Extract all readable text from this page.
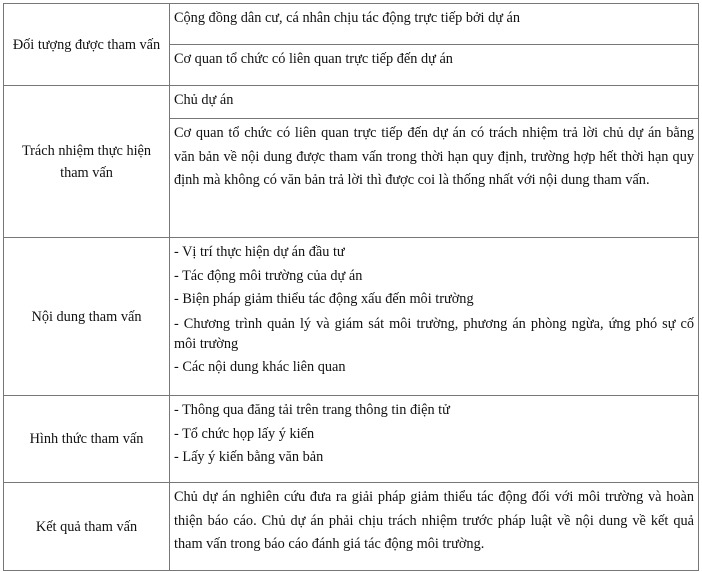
Đối tượng được tham vấn	Cộng đồng dân cư, cá nhân chịu tác động trực tiếp bởi dự án
Cơ quan tổ chức có liên quan trực tiếp đến dự án

Trách nhiệm thực hiện tham vấn	Chủ dự án
Cơ quan tổ chức có liên quan trực tiếp đến dự án có trách nhiệm trả lời chủ dự án bằng văn bản về nội dung được tham vấn trong thời hạn quy định, trường hợp hết thời hạn quy định mà không có văn bản trả lời thì được coi là thống nhất với nội dung tham vấn.

Nội dung tham vấn	- Vị trí thực hiện dự án đầu tư
- Tác động môi trường của dự án
- Biện pháp giảm thiểu tác động xấu đến môi trường
- Chương trình quản lý và giám sát môi trường, phương án phòng ngừa, ứng phó sự cố môi trường
- Các nội dung khác liên quan

Hình thức tham vấn	- Thông qua đăng tải trên trang thông tin điện tử
- Tổ chức họp lấy ý kiến
- Lấy ý kiến bằng văn bản

Kết quả tham vấn	Chủ dự án nghiên cứu đưa ra giải pháp giảm thiểu tác động đối với môi trường và hoàn thiện báo cáo. Chủ dự án phải chịu trách nhiệm trước pháp luật về nội dung về kết quả tham vấn trong báo cáo đánh giá tác động môi trường.
